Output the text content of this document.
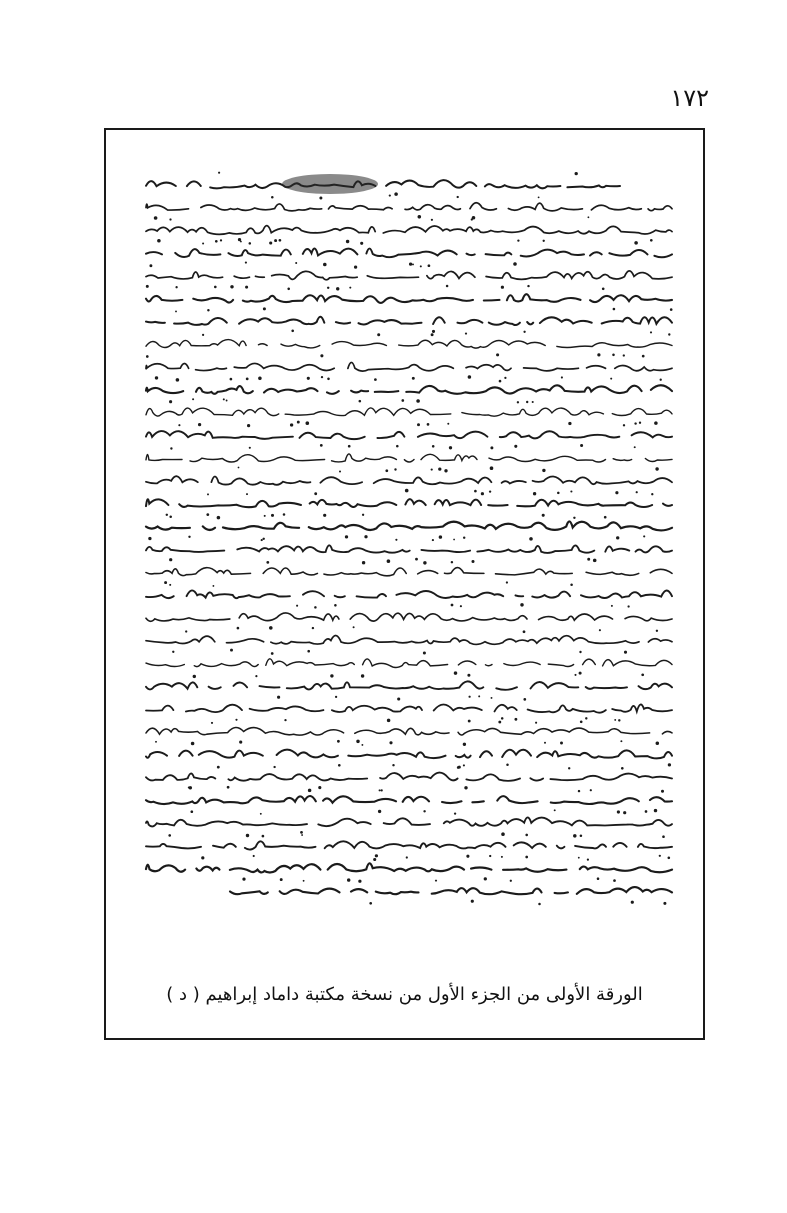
١٧٢
الورقة الأولى من الجزء الأول من نسخة مكتبة داماد إبراهيم ( د )
